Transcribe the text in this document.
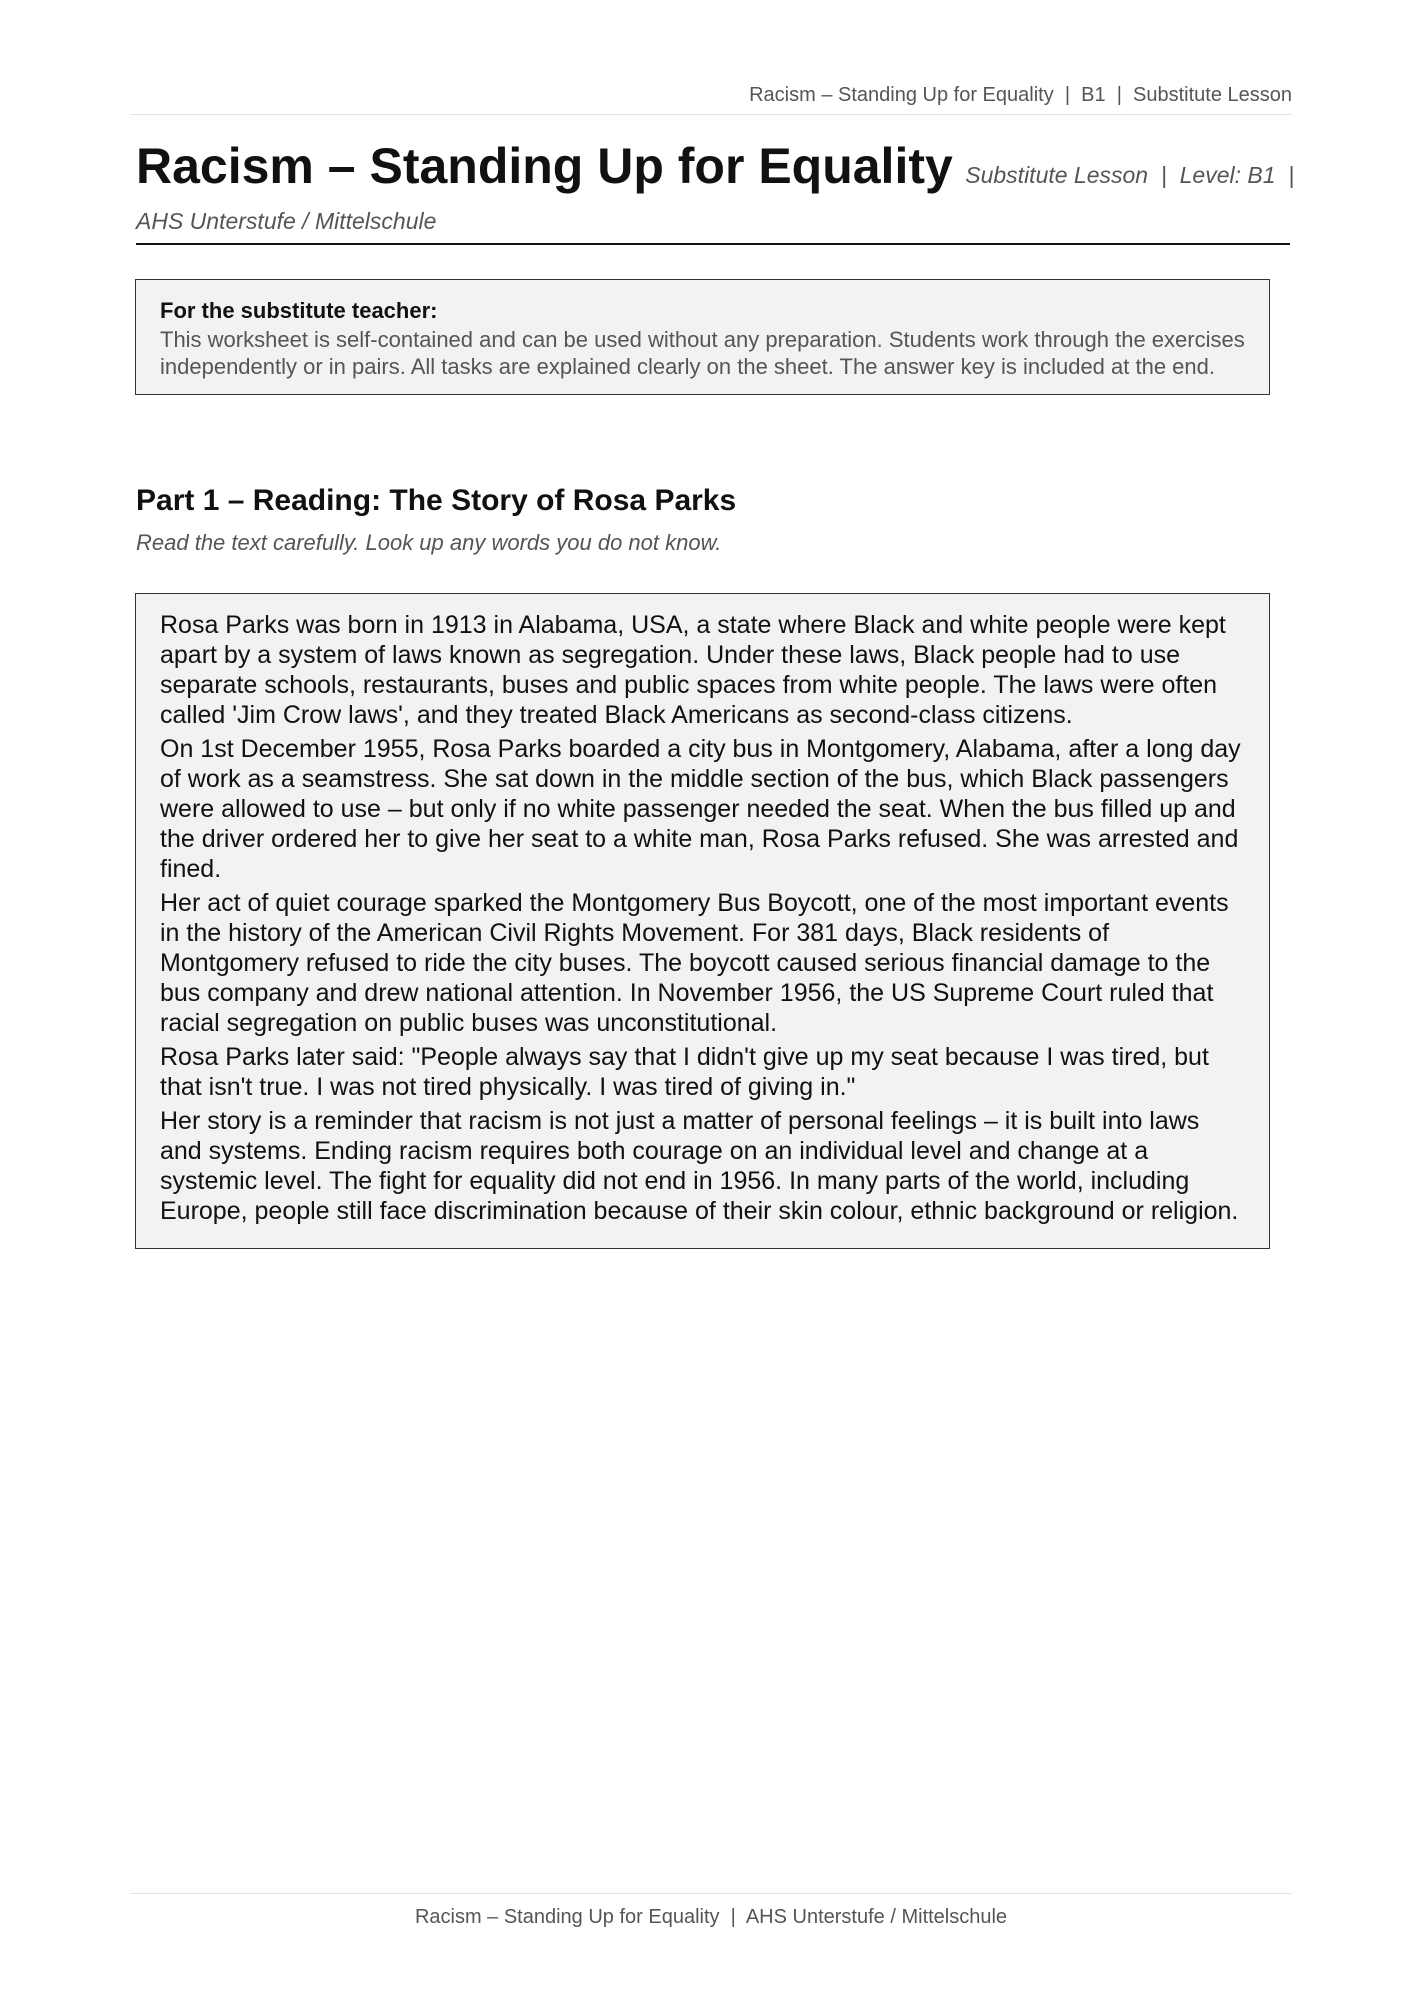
Racism – Standing Up for Equality  |  B1  |  Substitute Lesson
Racism – Standing Up for Equality Substitute Lesson  |  Level: B1  |
AHS Unterstufe / Mittelschule
For the substitute teacher:
This worksheet is self-contained and can be used without any preparation. Students work through the exercises independently or in pairs. All tasks are explained clearly on the sheet. The answer key is included at the end.
Part 1 – Reading: The Story of Rosa Parks
Read the text carefully. Look up any words you do not know.

Rosa Parks was born in 1913 in Alabama, USA, a state where Black and white people were kept apart by a system of laws known as segregation. Under these laws, Black people had to use separate schools, restaurants, buses and public spaces from white people. The laws were often called 'Jim Crow laws', and they treated Black Americans as second-class citizens.

On 1st December 1955, Rosa Parks boarded a city bus in Montgomery, Alabama, after a long day of work as a seamstress. She sat down in the middle section of the bus, which Black passengers were allowed to use – but only if no white passenger needed the seat. When the bus filled up and the driver ordered her to give her seat to a white man, Rosa Parks refused. She was arrested and fined.

Her act of quiet courage sparked the Montgomery Bus Boycott, one of the most important events in the history of the American Civil Rights Movement. For 381 days, Black residents of Montgomery refused to ride the city buses. The boycott caused serious financial damage to the bus company and drew national attention. In November 1956, the US Supreme Court ruled that racial segregation on public buses was unconstitutional.

Rosa Parks later said: "People always say that I didn't give up my seat because I was tired, but that isn't true. I was not tired physically. I was tired of giving in."

Her story is a reminder that racism is not just a matter of personal feelings – it is built into laws and systems. Ending racism requires both courage on an individual level and change at a systemic level. The fight for equality did not end in 1956. In many parts of the world, including Europe, people still face discrimination because of their skin colour, ethnic background or religion.

Racism – Standing Up for Equality  |  AHS Unterstufe / Mittelschule
